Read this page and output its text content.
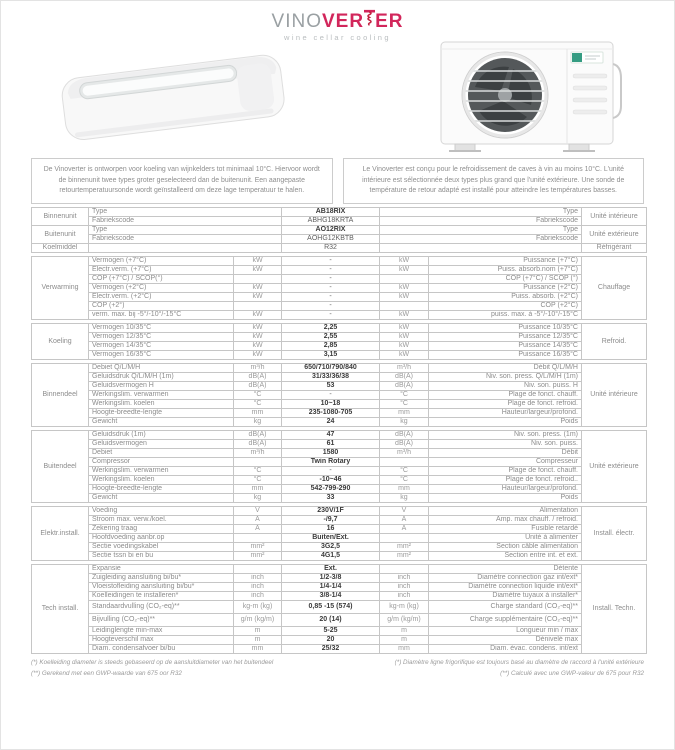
VINO VER ER
wine cellar cooling
De Vinoverter is ontworpen voor koeling van wijnkelders tot minimaal 10°C. Hiervoor wordt de binnenunit twee types groter geselecteerd dan de buitenunit. Een aangepaste retourtemperatuursonde wordt geïnstalleerd om deze lage temperatuur te halen.
Le Vinoverter est conçu pour le refroidissement de caves à vin au moins 10°C. L'unité intérieure est sélectionnée deux types plus grand que l'unité extérieure. Une sonde de température de retour adapté est installé pour atteindre les températures basses.
Binnenunit	Type	AB18RIX	Type	Unité intérieure
	Fabriekscode	ABHG18KRTA	Fabriekscode	
Buitenunit	Type	AO12RIX	Type	Unité extérieure
	Fabriekscode	AOHG12KBTB	Fabriekscode	
Koelmiddel		R32		Réfrigérant
Verwarming	Vermogen (+7°C)	kW	-	kW	Puissance (+7°C)	Chauffage
	Electr.verm. (+7°C)	kW	-	kW	Puiss. absorb.nom (+7°C)	
	COP (+7°C) / SCOP(°)		-		COP (+7°C) / SCOP (°)	
	Vermogen (+2°C)	kW	-	kW	Puissance (+2°C)	
	Electr.verm. (+2°C)	kW	-	kW	Puiss. absorb. (+2°C)	
	COP (+2°)		-		COP (+2°C)	
	verm. max. bij -5°/-10°/-15°C	kW	-	kW	puiss. max. à -5°/-10°/-15°C	
Koeling	Vermogen 10/35°C	kW	2,25	kW	Puissance 10/35°C	Refroid.
	Vermogen 12/35°C	kW	2,55	kW	Puissance 12/35°C	
	Vermogen 14/35°C	kW	2,85	kW	Puissance 14/35°C	
	Vermogen 16/35°C	kW	3,15	kW	Puissance 16/35°C	
Binnendeel	Debiet Q/L/M/H	m³/h	650/710/790/840	m³/h	Débit Q/L/M/H	Unité intérieure
	Geluidsdruk Q/L/M/H (1m)	dB(A)	31/33/36/38	dB(A)	Niv. son. press. Q/L/M/H (1m)	
	Geluidsvermogen H	dB(A)	53	dB(A)	Niv. son. puiss. H	
	Werkingslim. verwarmen	°C	-	°C	Plage de fonct. chauff.	
	Werkingslim. koelen	°C	10~18	°C	Plage de fonct. refroid.	
	Hoogte-breedte-lengte	mm	235-1080-705	mm	Hauteur/largeur/profond.	
	Gewicht	kg	24	kg	Poids	
Buitendeel	Geluidsdruk (1m)	dB(A)	47	dB(A)	Niv. son. press. (1m)	Unité extérieure
	Geluidsvermogen	dB(A)	61	dB(A)	Niv. son. puiss.	
	Debiet	m³/h	1580	m³/h	Débit	
	Compressor		Twin Rotary		Compresseur	
	Werkingslim. verwarmen	°C	-	°C	Plage de fonct. chauff.	
	Werkingslim. koelen	°C	-10~46	°C	Plage de fonct. refroid..	
	Hoogte-breedte-lengte	mm	542-799-290	mm	Hauteur/largeur/profond.	
	Gewicht	kg	33	kg	Poids	
Elektr.install.	Voeding	V	230V/1F	V	Alimentation	Install. électr.
	Stroom max. verw./koel.	A	-/9,7	A	Amp. max chauff. / refroid.	
	Zekering traag	A	16	A	Fusible retardé	
	Hoofdvoeding aanbr.op		Buiten/Ext.		Unité à alimenter	
	Sectie voedingskabel	mm²	3G2,5	mm²	Section câble alimentation	
	Sectie tssn bi en bu	mm²	4G1,5	mm²	Section entre int. et ext.	
Tech install.	Expansie		Ext.		Détente	Install. Techn.
	Zuigleiding aansluiting bi/bu*	inch	1/2-3/8	inch	Diamètre connection gaz int/ext*	
	Vloeistofleiding aansluiting bi/bu*	inch	1/4-1/4	inch	Diamètre connection liquide int/ext*	
	Koelleidingen te installeren*	inch	3/8-1/4	inch	Diamètre tuyaux à installer*	
	Standaardvulling (CO₂-eq)**	kg-m (kg)	0,85 -15 (574)	kg-m (kg)	Charge standard (CO₂-eq)**	
	Bijvulling (CO₂-eq)**	g/m (kg/m)	20 (14)	g/m (kg/m)	Charge supplémentaire (CO₂-eq)**	
	Leidinglengte min-max	m	5-25	m	Longueur min / max	
	Hoogteverschil max	m	20	m	Dénivelé max	
	Diam. condensafvoer bi/bu	mm	25/32	mm	Diam. évac. condens. int/ext	
(*) Koelleiding diameter is steeds gebaseerd op de aansluitdiameter van het buitendeel
(**) Gerekend met een GWP-waarde van 675 oor R32
(*) Diamètre ligne frigorifique est toujours basé au diamètre de raccord à l'unité extérieure
(**) Calculé avec une GWP-valeur de 675 pour R32
